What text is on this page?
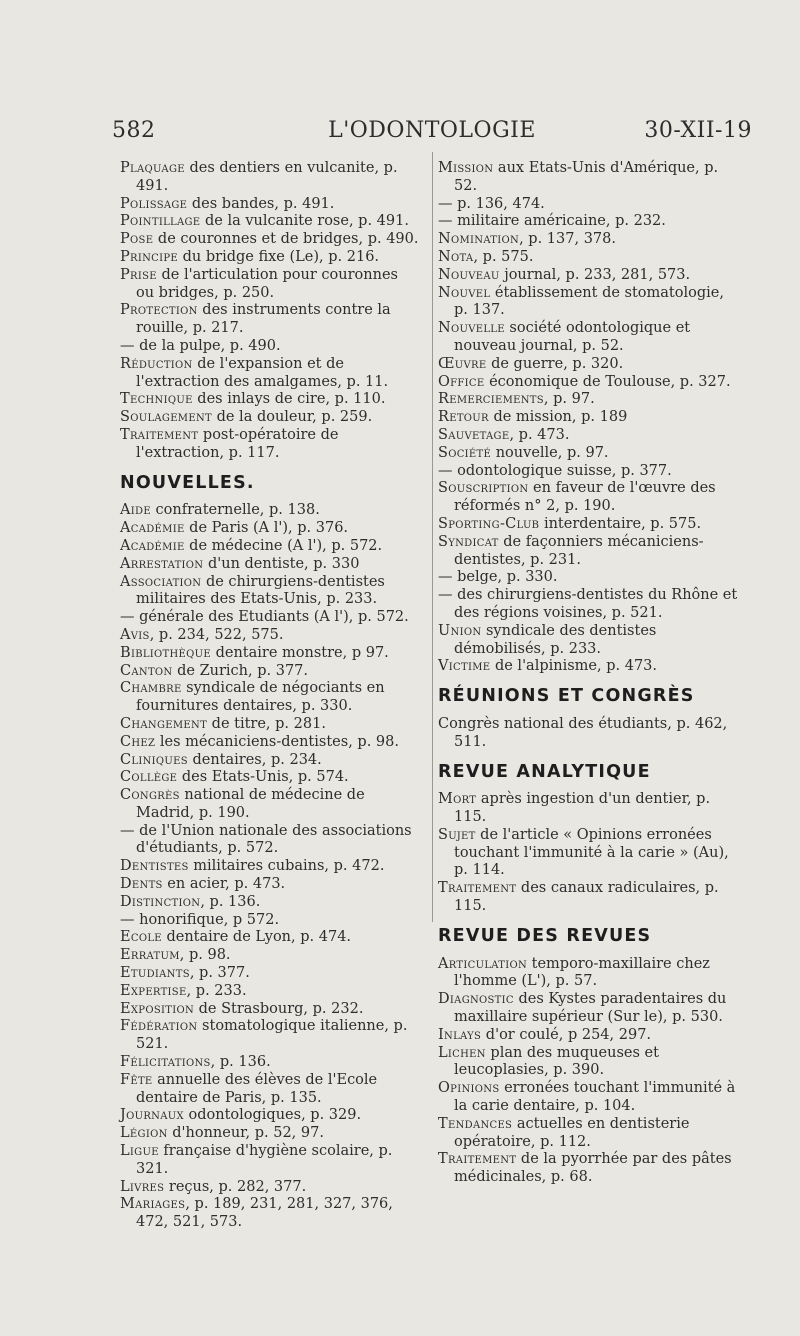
582	L'ODONTOLOGIE	30-XII-19

Plaquage des dentiers en vulcanite, p. 491.

Polissage des bandes, p. 491.

Pointillage de la vulcanite rose, p. 491.

Pose de couronnes et de bridges, p. 490.

Principe du bridge fixe (Le), p. 216.

Prise de l'articulation pour couronnes ou bridges, p. 250.

Protection des instruments contre la rouille, p. 217.

— de la pulpe, p. 490.

Réduction de l'expansion et de l'extraction des amalgames, p. 11.

Technique des inlays de cire, p. 110.

Soulagement de la douleur, p. 259.

Traitement post-opératoire de l'extraction, p. 117.

NOUVELLES.

Aide confraternelle, p. 138.

Académie de Paris (A l'), p. 376.

Académie de médecine (A l'), p. 572.

Arrestation d'un dentiste, p. 330

Association de chirurgiens-dentistes militaires des Etats-Unis, p. 233.

— générale des Etudiants (A l'), p. 572.

Avis, p. 234, 522, 575.

Bibliothèque dentaire monstre, p 97.

Canton de Zurich, p. 377.

Chambre syndicale de négociants en fournitures dentaires, p. 330.

Changement de titre, p. 281.

Chez les mécaniciens-dentistes, p. 98.

Cliniques dentaires, p. 234.

Collège des Etats-Unis, p. 574.

Congrès national de médecine de Madrid, p. 190.

— de l'Union nationale des associations d'étudiants, p. 572.

Dentistes militaires cubains, p. 472.

Dents en acier, p. 473.

Distinction, p. 136.

— honorifique, p 572.

Ecole dentaire de Lyon, p. 474.

Erratum, p. 98.

Etudiants, p. 377.

Expertise, p. 233.

Exposition de Strasbourg, p. 232.

Fédération stomatologique italienne, p. 521.

Félicitations, p. 136.

Fête annuelle des élèves de l'Ecole dentaire de Paris, p. 135.

Journaux odontologiques, p. 329.

Légion d'honneur, p. 52, 97.

Ligue française d'hygiène scolaire, p. 321.

Livres reçus, p. 282, 377.

Mariages, p. 189, 231, 281, 327, 376, 472, 521, 573.

Mission aux Etats-Unis d'Amérique, p. 52.

— p. 136, 474.

— militaire américaine, p. 232.

Nomination, p. 137, 378.

Nota, p. 575.

Nouveau journal, p. 233, 281, 573.

Nouvel établissement de stomatologie, p. 137.

Nouvelle société odontologique et nouveau journal, p. 52.

Œuvre de guerre, p. 320.

Office économique de Toulouse, p. 327.

Remerciements, p. 97.

Retour de mission, p. 189

Sauvetage, p. 473.

Société nouvelle, p. 97.

— odontologique suisse, p. 377.

Souscription en faveur de l'œuvre des réformés n° 2, p. 190.

Sporting-Club interdentaire, p. 575.

Syndicat de façonniers mécaniciens-dentistes, p. 231.

— belge, p. 330.

— des chirurgiens-dentistes du Rhône et des régions voisines, p. 521.

Union syndicale des dentistes démobilisés, p. 233.

Victime de l'alpinisme, p. 473.

RÉUNIONS ET CONGRÈS

Congrès national des étudiants, p. 462, 511.

REVUE ANALYTIQUE

Mort après ingestion d'un dentier, p. 115.

Sujet de l'article « Opinions erronées touchant l'immunité à la carie » (Au), p. 114.

Traitement des canaux radiculaires, p. 115.

REVUE DES REVUES

Articulation temporo-maxillaire chez l'homme (L'), p. 57.

Diagnostic des Kystes paradentaires du maxillaire supérieur (Sur le), p. 530.

Inlays d'or coulé, p 254, 297.

Lichen plan des muqueuses et leucoplasies, p. 390.

Opinions erronées touchant l'immunité à la carie dentaire, p. 104.

Tendances actuelles en dentisterie opératoire, p. 112.

Traitement de la pyorrhée par des pâtes médicinales, p. 68.
